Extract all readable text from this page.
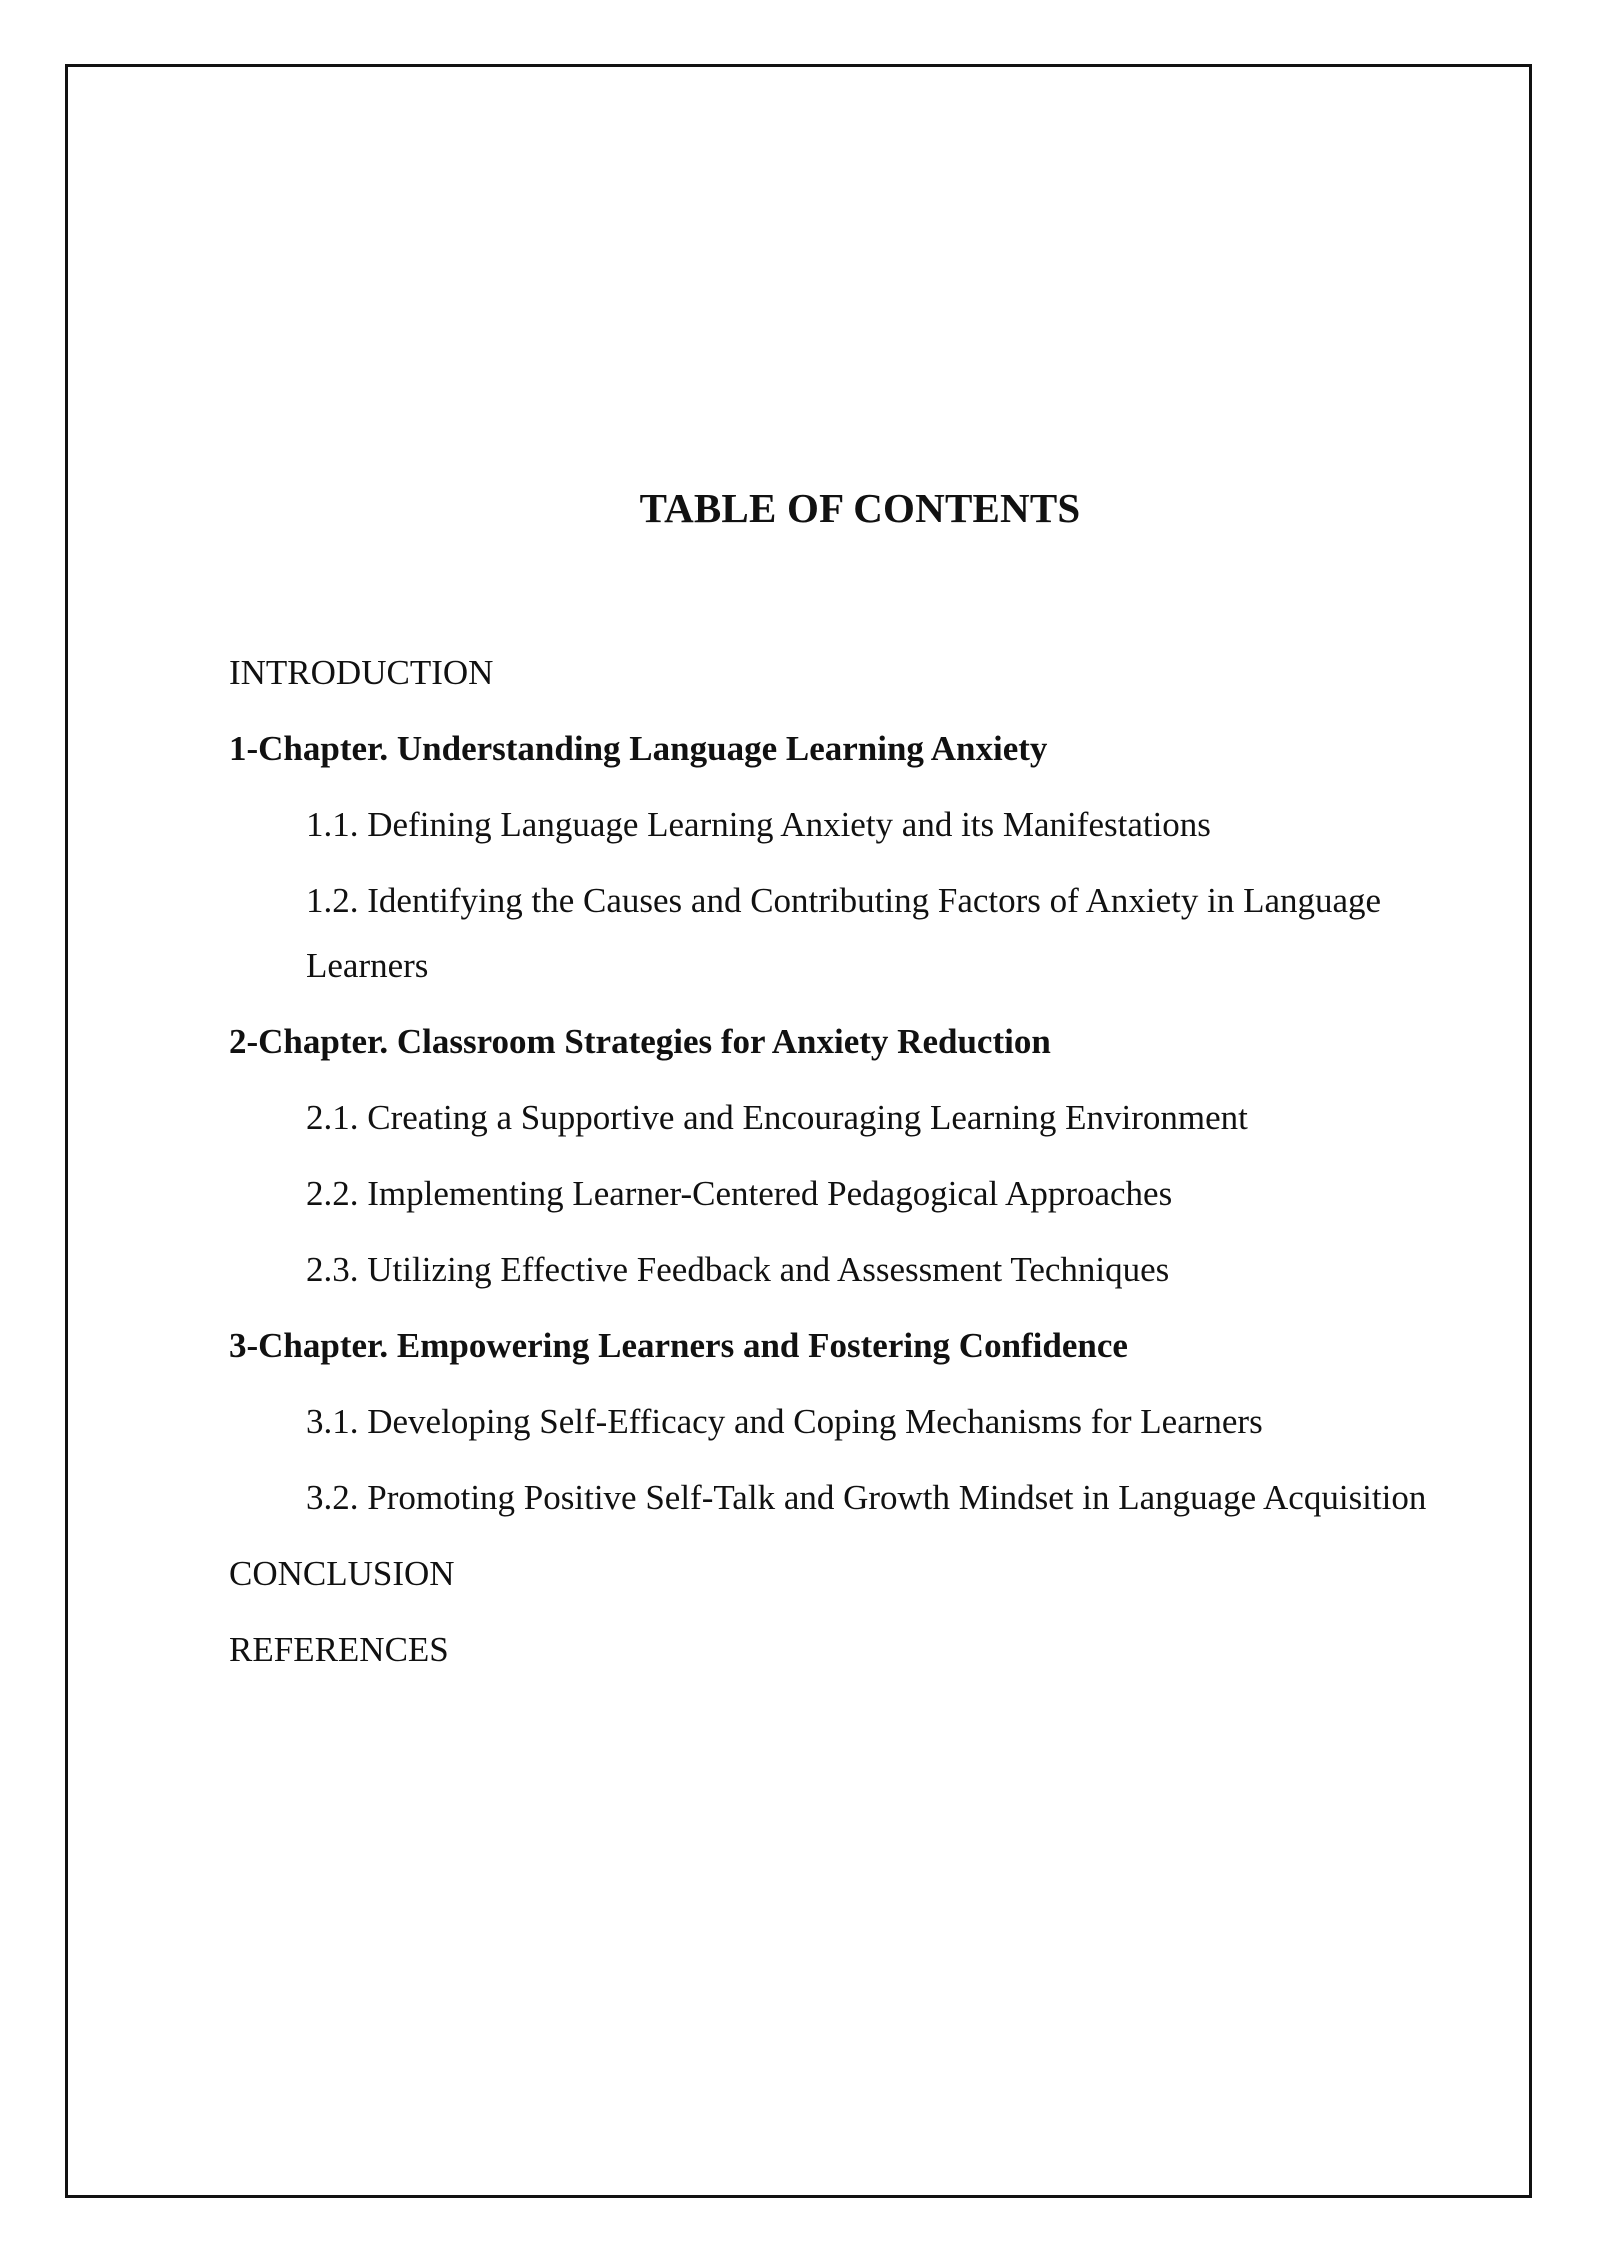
TABLE OF CONTENTS
INTRODUCTION
1-Chapter. Understanding Language Learning Anxiety
1.1. Defining Language Learning Anxiety and its Manifestations
1.2. Identifying the Causes and Contributing Factors of Anxiety in Language Learners
2-Chapter. Classroom Strategies for Anxiety Reduction
2.1. Creating a Supportive and Encouraging Learning Environment
2.2. Implementing Learner-Centered Pedagogical Approaches
2.3. Utilizing Effective Feedback and Assessment Techniques
3-Chapter. Empowering Learners and Fostering Confidence
3.1. Developing Self-Efficacy and Coping Mechanisms for Learners
3.2. Promoting Positive Self-Talk and Growth Mindset in Language Acquisition
CONCLUSION
REFERENCES
